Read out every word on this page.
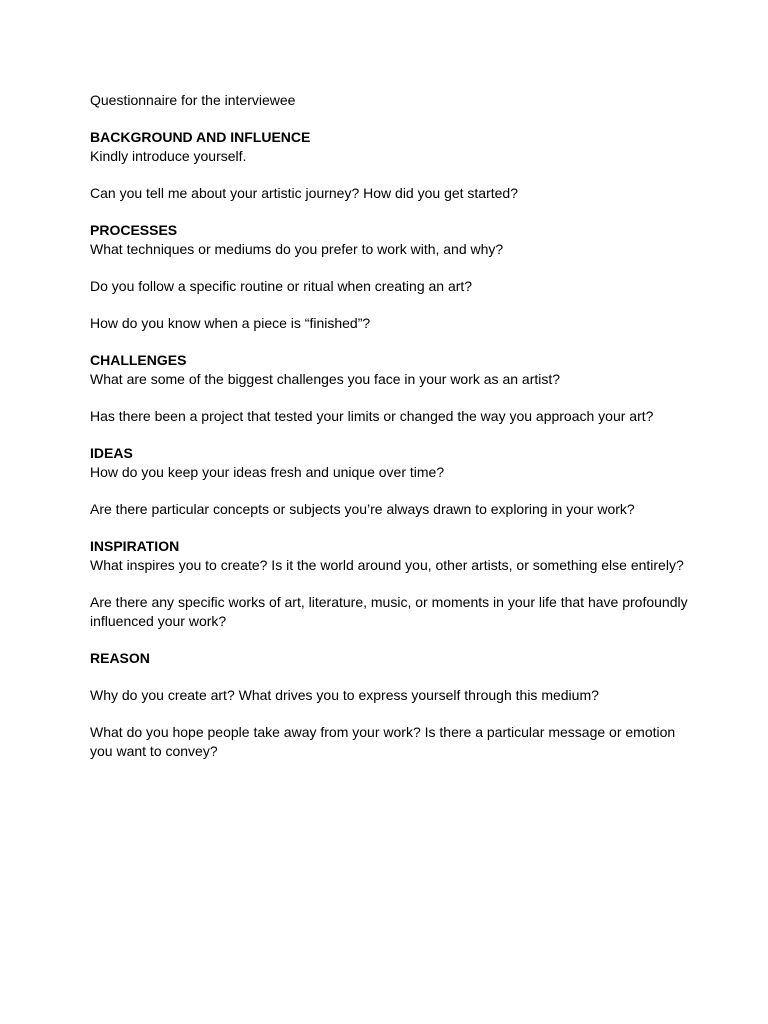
Questionnaire for the interviewee

BACKGROUND AND INFLUENCE

Kindly introduce yourself.

Can you tell me about your artistic journey? How did you get started?

PROCESSES

What techniques or mediums do you prefer to work with, and why?

Do you follow a specific routine or ritual when creating an art?

How do you know when a piece is “finished”?

CHALLENGES

What are some of the biggest challenges you face in your work as an artist?

Has there been a project that tested your limits or changed the way you approach your art?

IDEAS

How do you keep your ideas fresh and unique over time?

Are there particular concepts or subjects you’re always drawn to exploring in your work?

INSPIRATION

What inspires you to create? Is it the world around you, other artists, or something else entirely?

Are there any specific works of art, literature, music, or moments in your life that have profoundly influenced your work?

REASON

Why do you create art? What drives you to express yourself through this medium?

What do you hope people take away from your work? Is there a particular message or emotion you want to convey?
